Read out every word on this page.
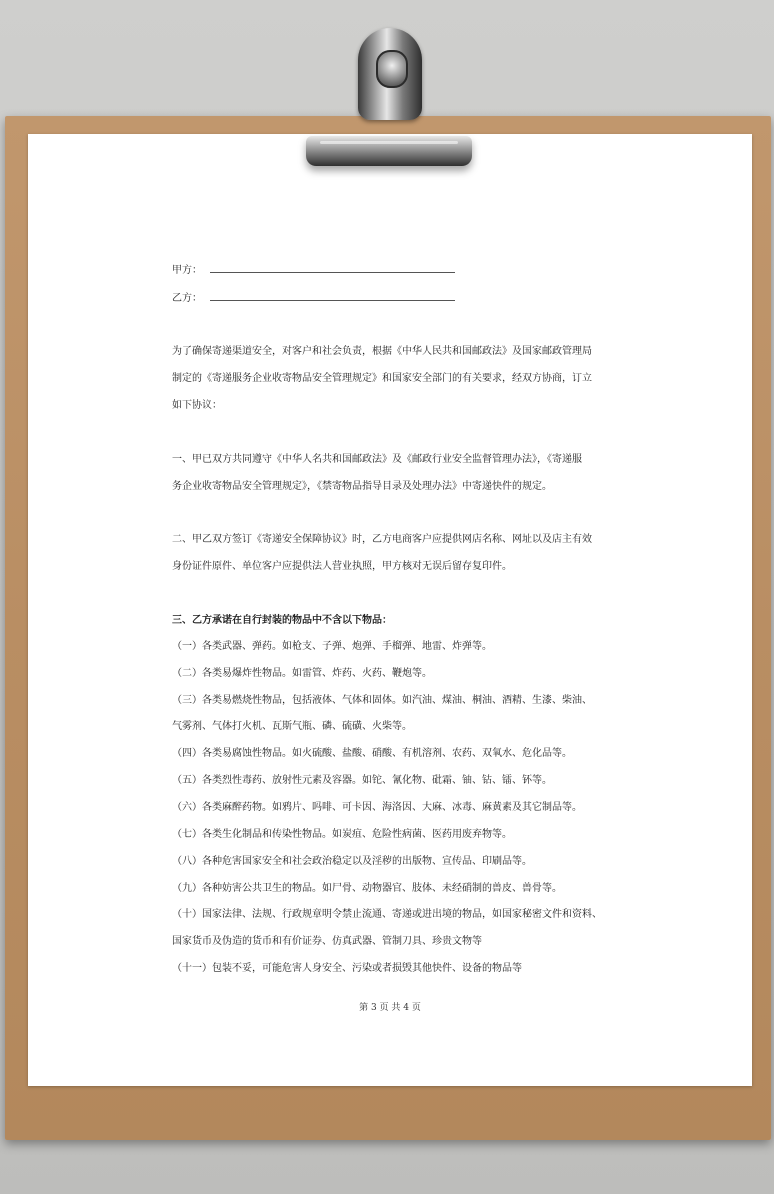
甲方：
乙方：
为了确保寄递渠道安全，对客户和社会负责，根据《中华人民共和国邮政法》及国家邮政管理局
制定的《寄递服务企业收寄物品安全管理规定》和国家安全部门的有关要求，经双方协商，订立
如下协议：
一、甲已双方共同遵守《中华人名共和国邮政法》及《邮政行业安全监督管理办法》，《寄递服
务企业收寄物品安全管理规定》，《禁寄物品指导目录及处理办法》中寄递快件的规定。
二、甲乙双方签订《寄递安全保障协议》时，乙方电商客户应提供网店名称、网址以及店主有效
身份证件原件、单位客户应提供法人营业执照，甲方核对无误后留存复印件。
三、乙方承诺在自行封装的物品中不含以下物品：
（一）各类武器、弹药。如枪支、子弹、炮弹、手榴弹、地雷、炸弹等。
（二）各类易爆炸性物品。如雷管、炸药、火药、鞭炮等。
（三）各类易燃烧性物品，包括液体、气体和固体。如汽油、煤油、桐油、酒精、生漆、柴油、
气雾剂、气体打火机、瓦斯气瓶、磷、硫磺、火柴等。
（四）各类易腐蚀性物品。如火硫酸、盐酸、硝酸、有机溶剂、农药、双氧水、危化品等。
（五）各类烈性毒药、放射性元素及容器。如铊、氰化物、砒霜、铀、钴、镭、钚等。
（六）各类麻醉药物。如鸦片、吗啡、可卡因、海洛因、大麻、冰毒、麻黄素及其它制品等。
（七）各类生化制品和传染性物品。如炭疽、危险性病菌、医药用废弃物等。
（八）各种危害国家安全和社会政治稳定以及淫秽的出版物、宣传品、印刷品等。
（九）各种妨害公共卫生的物品。如尸骨、动物器官、肢体、未经硝制的兽皮、兽骨等。
（十）国家法律、法规、行政规章明令禁止流通、寄递或进出境的物品，如国家秘密文件和资料、
国家货币及伪造的货币和有价证券、仿真武器、管制刀具、珍贵文物等
（十一）包装不妥，可能危害人身安全、污染或者损毁其他快件、设备的物品等
第 3 页 共 4 页
